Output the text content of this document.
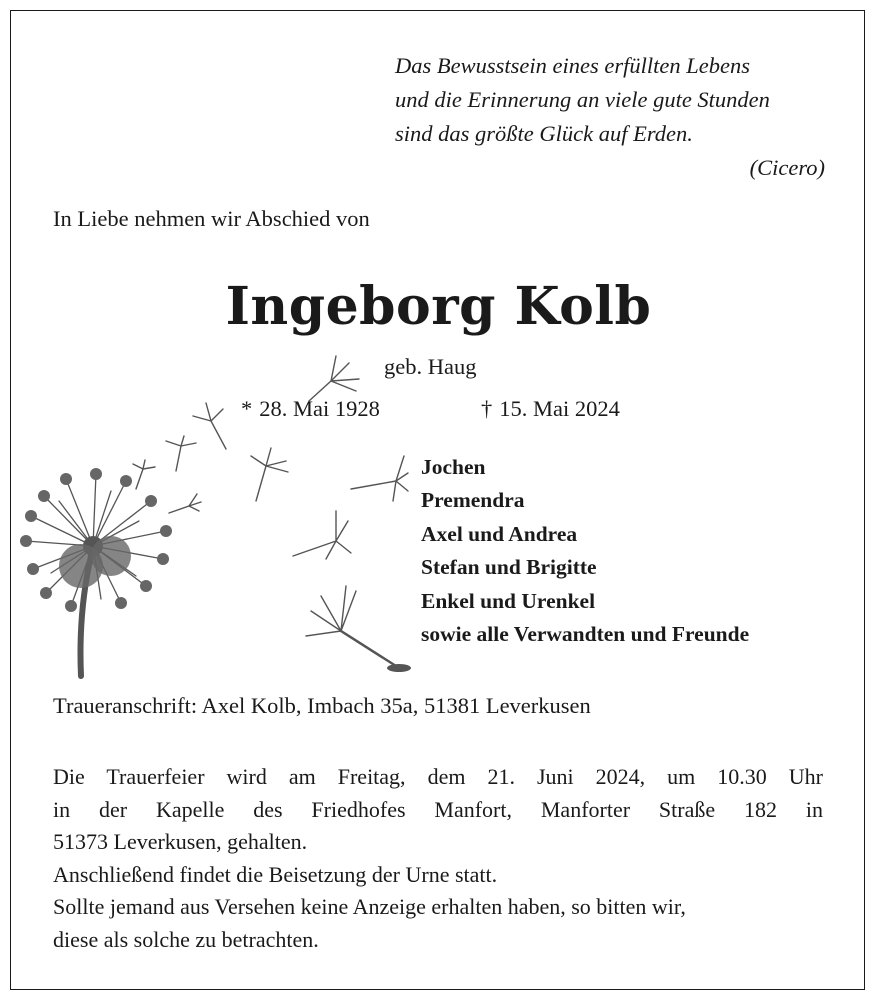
Das Bewusstsein eines erfüllten Lebens
und die Erinnerung an viele gute Stunden
sind das größte Glück auf Erden.
(Cicero)
In Liebe nehmen wir Abschied von
Ingeborg Kolb
geb. Haug
* 28. Mai 1928	† 15. Mai 2024
Jochen
Premendra
Axel und Andrea
Stefan und Brigitte
Enkel und Urenkel
sowie alle Verwandten und Freunde
Traueranschrift: Axel Kolb, Imbach 35a, 51381 Leverkusen
Die Trauerfeier wird am Freitag, dem 21. Juni 2024, um 10.30 Uhr
in der Kapelle des Friedhofes Manfort, Manforter Straße 182 in
51373 Leverkusen, gehalten.
Anschließend findet die Beisetzung der Urne statt.
Sollte jemand aus Versehen keine Anzeige erhalten haben, so bitten wir,
diese als solche zu betrachten.
